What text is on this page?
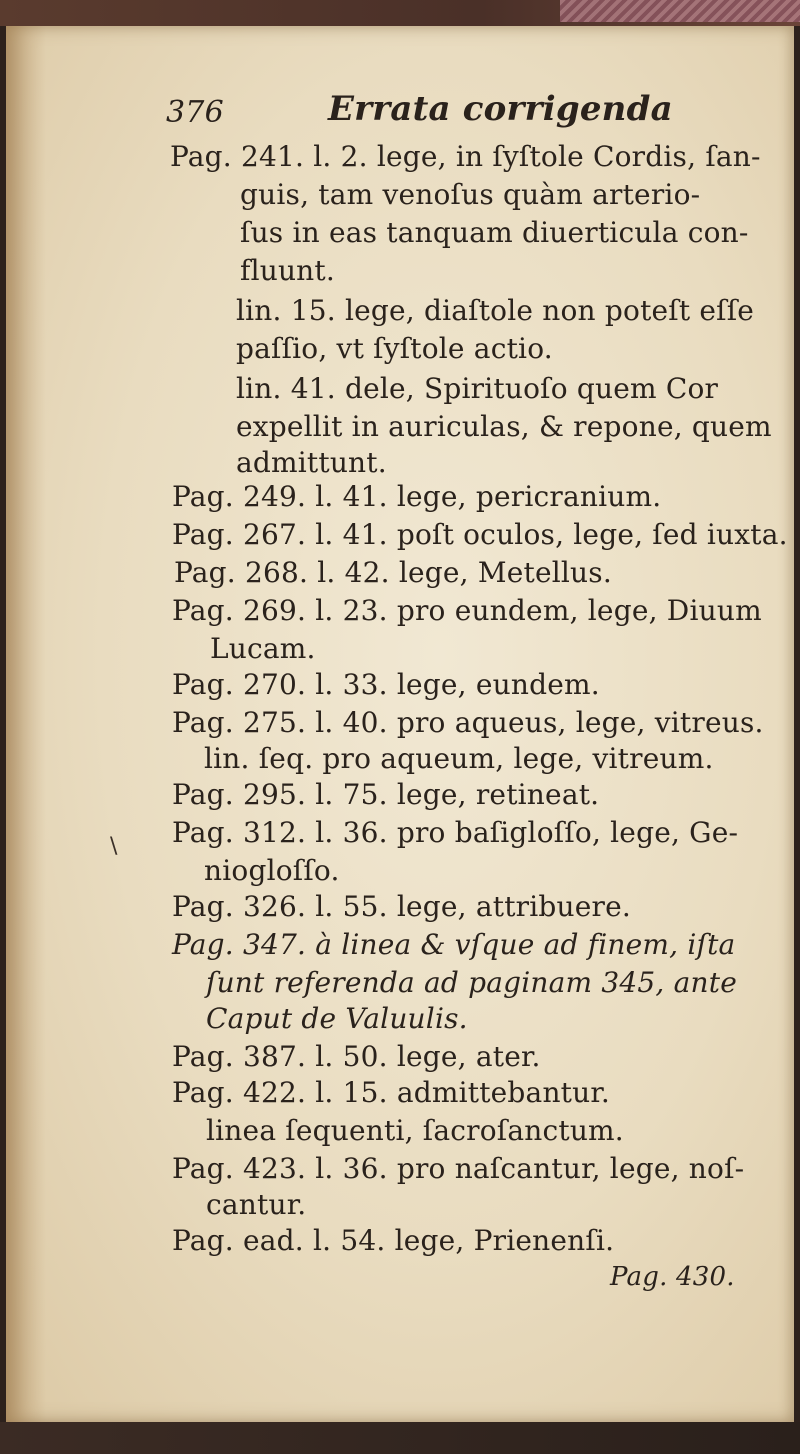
376	Errata corrigenda
Pag. 241. l. 2. lege, in ſyſtole Cordis, ſan-
guis, tam venoſus quàm arterio-
ſus in eas tanquam diuerticula con-
fluunt.
lin. 15. lege, diaſtole non poteſt eſſe
paſſio, vt ſyſtole actio.
lin. 41. dele, Spirituoſo quem Cor
expellit in auriculas, & repone, quem
admittunt.
Pag. 249. l. 41. lege, pericranium.
Pag. 267. l. 41. poſt oculos, lege, ſed iuxta.
Pag. 268. l. 42. lege, Metellus.
Pag. 269. l. 23. pro eundem, lege, Diuum
Lucam.
Pag. 270. l. 33. lege, eundem.
Pag. 275. l. 40. pro aqueus, lege, vitreus.
lin. ſeq. pro aqueum, lege, vitreum.
Pag. 295. l. 75. lege, retineat.
Pag. 312. l. 36. pro baſigloſſo, lege, Ge-
niogloſſo.
Pag. 326. l. 55. lege, attribuere.
Pag. 347. à linea & vſque ad finem, iſta
ſunt referenda ad paginam 345, ante
Caput de Valuulis.
Pag. 387. l. 50. lege, ater.
Pag. 422. l. 15. admittebantur.
linea ſequenti, ſacroſanctum.
Pag. 423. l. 36. pro naſcantur, lege, noſ-
cantur.
Pag. ead. l. 54. lege, Prienenſi.
Pag. 430.
\
